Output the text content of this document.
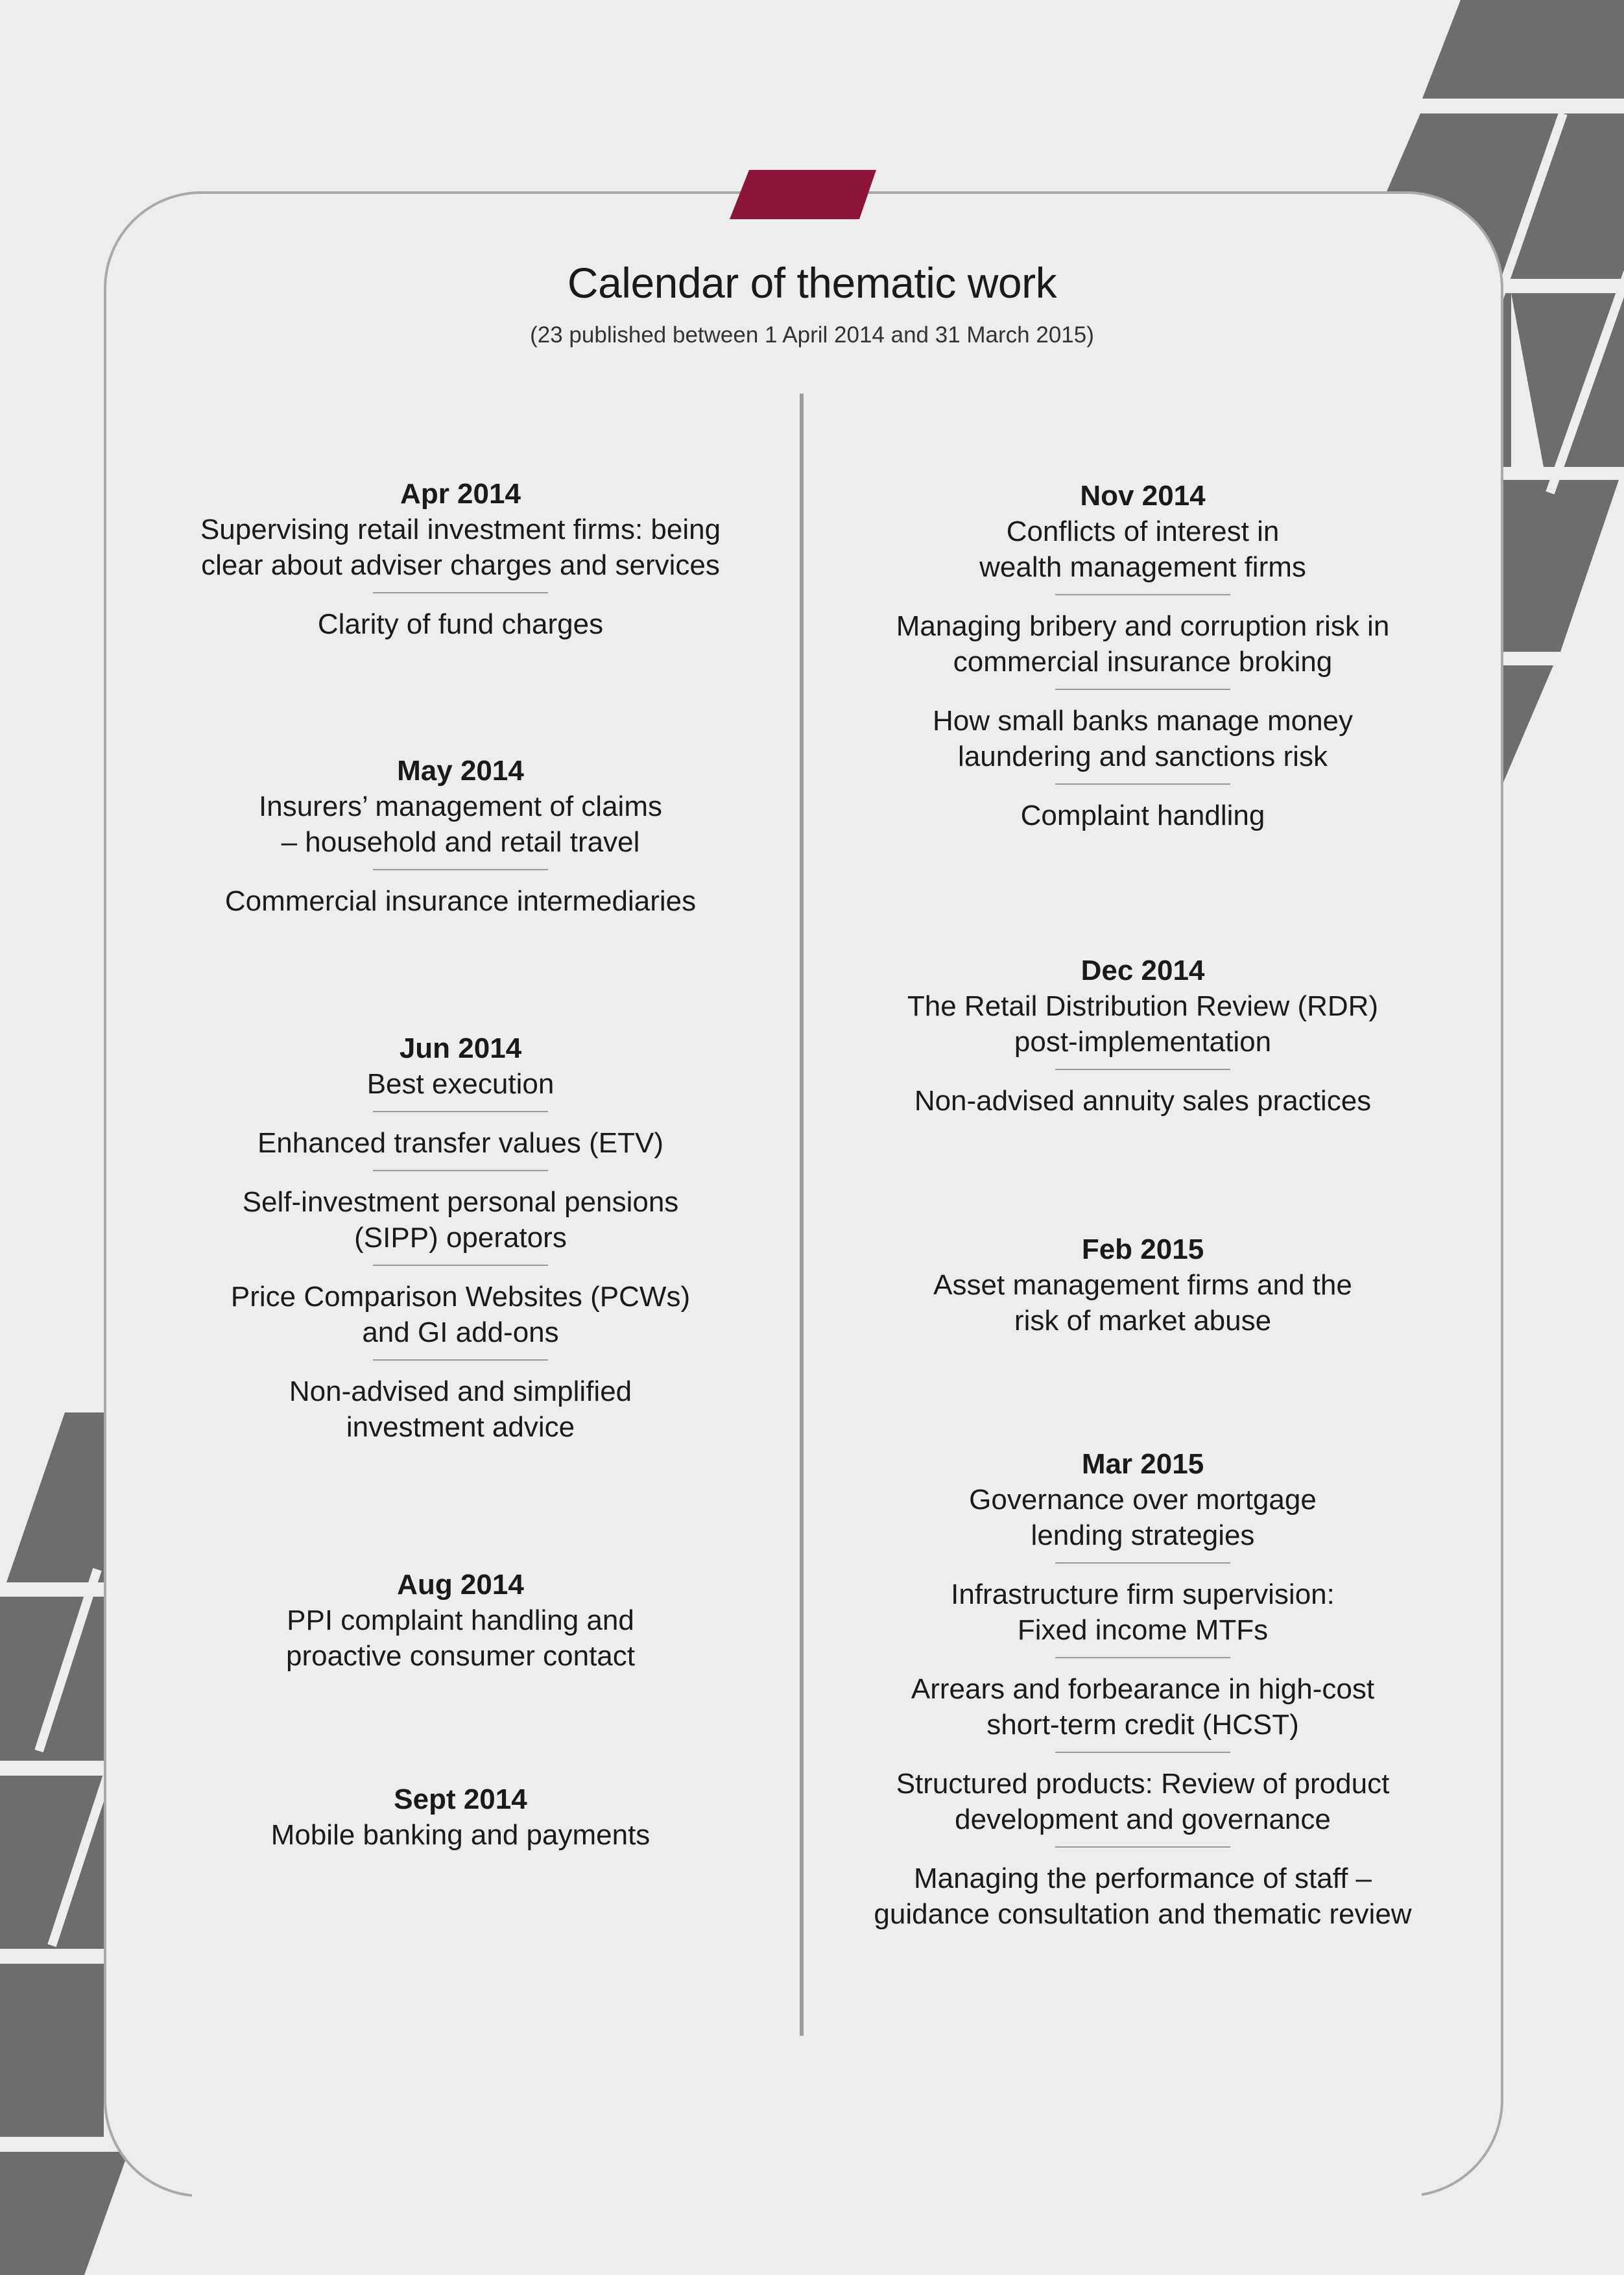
Calendar of thematic work
(23 published between 1 April 2014 and 31 March 2015)
Apr 2014
Supervising retail investment firms: being
clear about adviser charges and services
Clarity of fund charges
May 2014
Insurers’ management of claims
– household and retail travel
Commercial insurance intermediaries
Jun 2014
Best execution
Enhanced transfer values (ETV)
Self-investment personal pensions
(SIPP) operators
Price Comparison Websites (PCWs)
and GI add-ons
Non-advised and simplified
investment advice
Aug 2014
PPI complaint handling and
proactive consumer contact
Sept 2014
Mobile banking and payments
Nov 2014
Conflicts of interest in
wealth management firms
Managing bribery and corruption risk in
commercial insurance broking
How small banks manage money
laundering and sanctions risk
Complaint handling
Dec 2014
The Retail Distribution Review (RDR)
post-implementation
Non-advised annuity sales practices
Feb 2015
Asset management firms and the
risk of market abuse
Mar 2015
Governance over mortgage
lending strategies
Infrastructure firm supervision:
Fixed income MTFs
Arrears and forbearance in high-cost
short-term credit (HCST)
Structured products: Review of product
development and governance
Managing the performance of staff –
guidance consultation and thematic review
